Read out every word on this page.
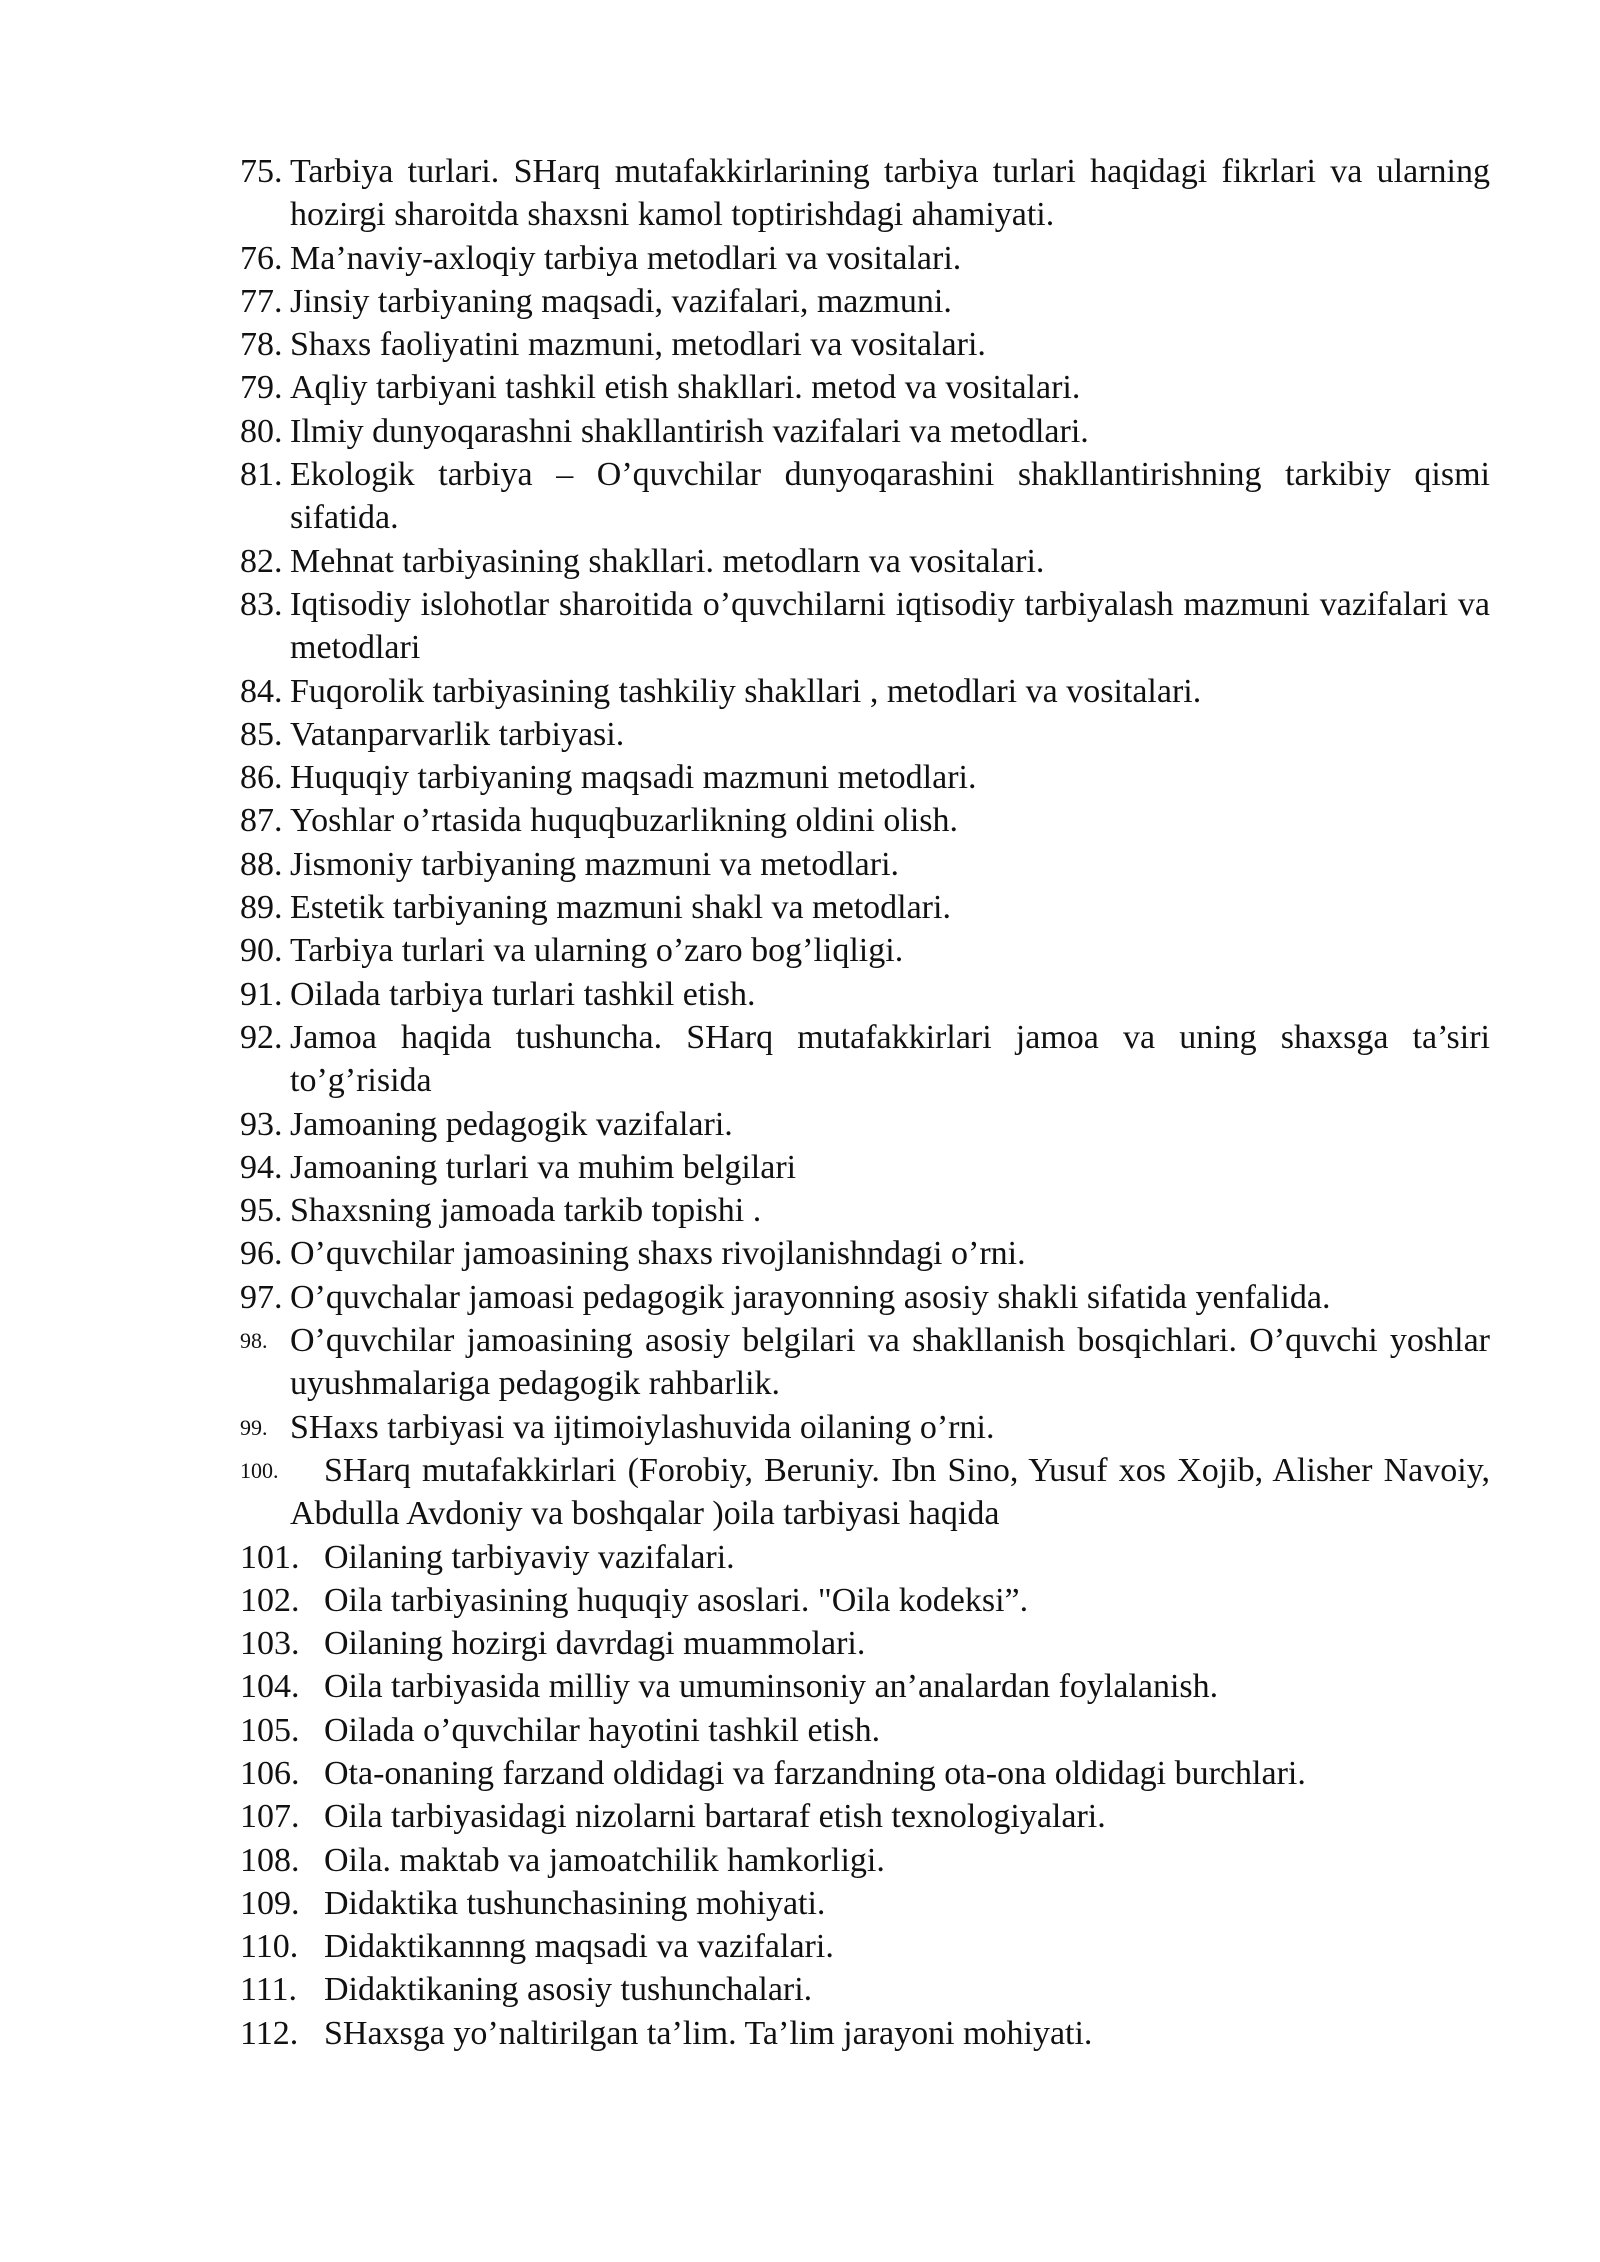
75. Tarbiya turlari. SHarq mutafakkirlarining tarbiya turlari haqidagi fikrlari va ularning hozirgi sharoitda shaxsni kamol toptirishdagi ahamiyati.
76. Ma’naviy-axloqiy tarbiya metodlari va vositalari.
77. Jinsiy tarbiyaning maqsadi, vazifalari, mazmuni.
78. Shaxs faoliyatini mazmuni, metodlari va vositalari.
79. Aqliy tarbiyani tashkil etish shakllari. metod va vositalari.
80. Ilmiy dunyoqarashni shakllantirish vazifalari va metodlari.
81. Ekologik tarbiya – O’quvchilar dunyoqarashini shakllantirishning tarkibiy qismi sifatida.
82. Mehnat tarbiyasining shakllari. metodlarn va vositalari.
83. Iqtisodiy islohotlar sharoitida o’quvchilarni iqtisodiy tarbiyalash mazmuni vazifalari va metodlari
84. Fuqorolik tarbiyasining tashkiliy shakllari , metodlari va vositalari.
85. Vatanparvarlik tarbiyasi.
86. Huquqiy tarbiyaning maqsadi mazmuni metodlari.
87. Yoshlar o’rtasida huquqbuzarlikning oldini olish.
88. Jismoniy tarbiyaning mazmuni va metodlari.
89. Estetik tarbiyaning mazmuni shakl va metodlari.
90. Tarbiya turlari va ularning o’zaro bog’liqligi.
91. Oilada tarbiya turlari tashkil etish.
92. Jamoa haqida tushuncha. SHarq mutafakkirlari jamoa va uning shaxsga ta’siri to’g’risida
93. Jamoaning pedagogik vazifalari.
94. Jamoaning turlari va muhim belgilari
95. Shaxsning jamoada tarkib topishi .
96. O’quvchilar jamoasining shaxs rivojlanishndagi o’rni.
97. O’quvchalar jamoasi pedagogik jarayonning asosiy shakli sifatida yenfalida.
98. O’quvchilar jamoasining asosiy belgilari va shakllanish bosqichlari. O’quvchi yoshlar uyushmalariga pedagogik rahbarlik.
99. SHaxs tarbiyasi va ijtimoiylashuvida oilaning o’rni.
100.	SHarq mutafakkirlari (Forobiy, Beruniy. Ibn Sino, Yusuf xos Xojib, Alisher Navoiy, Abdulla Avdoniy va boshqalar )oila tarbiyasi haqida
101. Oilaning tarbiyaviy vazifalari.
102. Oila tarbiyasining huquqiy asoslari. "Oila kodeksi”.
103. Oilaning hozirgi davrdagi muammolari.
104. Oila tarbiyasida milliy va umuminsoniy an’analardan foylalanish.
105. Oilada o’quvchilar hayotini tashkil etish.
106. Ota-onaning farzand oldidagi va farzandning ota-ona oldidagi burchlari.
107. Oila tarbiyasidagi nizolarni bartaraf etish texnologiyalari.
108. Oila. maktab va jamoatchilik hamkorligi.
109. Didaktika tushunchasining mohiyati.
110. Didaktikannng maqsadi va vazifalari.
111. Didaktikaning asosiy tushunchalari.
112. SHaxsga yo’naltirilgan ta’lim. Ta’lim jarayoni mohiyati.
